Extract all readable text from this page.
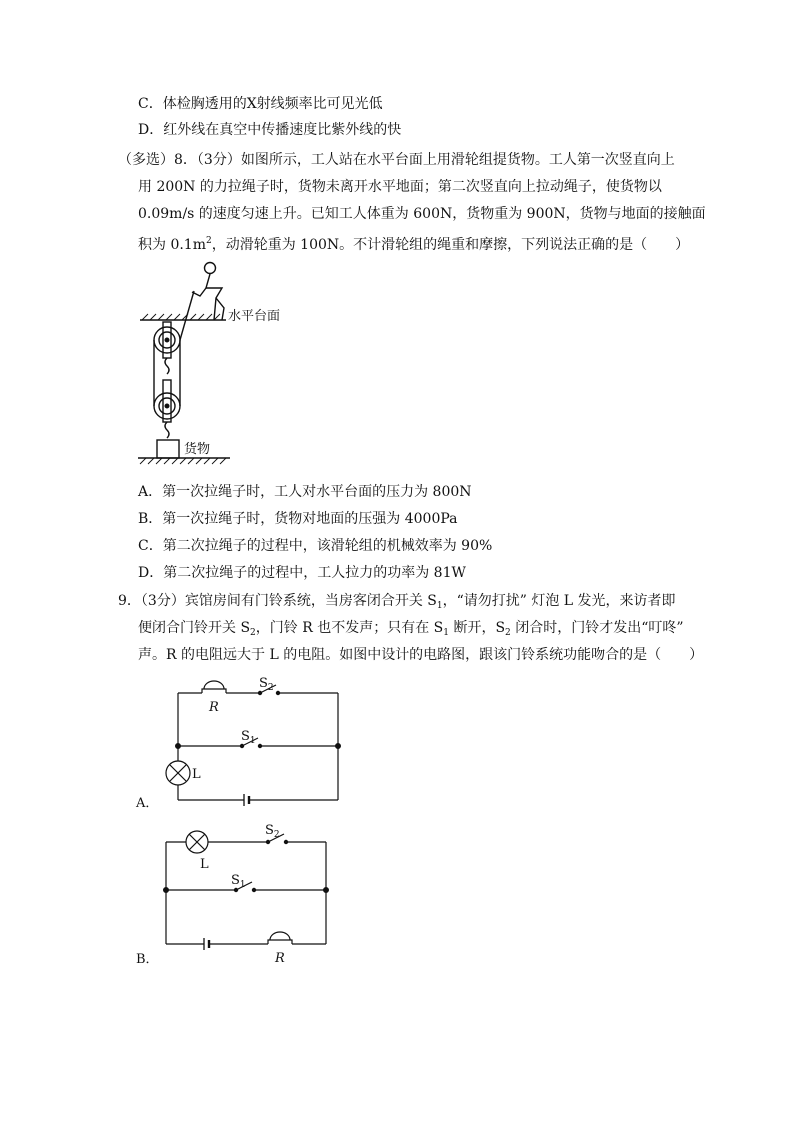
C．体检胸透用的X射线频率比可见光低
D．红外线在真空中传播速度比紫外线的快
（多选）8．（3分）如图所示，工人站在水平台面上用滑轮组提货物。工人第一次竖直向上
用 200N 的力拉绳子时，货物未离开水平地面；第二次竖直向上拉动绳子，使货物以
0.09m/s 的速度匀速上升。已知工人体重为 600N，货物重为 900N，货物与地面的接触面
积为 $0.1m^2$，动滑轮重为 100N。不计滑轮组的绳重和摩擦，下列说法正确的是（　　）
水平台面
货物
A．第一次拉绳子时，工人对水平台面的压力为 800N
B．第一次拉绳子时，货物对地面的压强为 4000Pa
C．第二次拉绳子的过程中，该滑轮组的机械效率为 90%
D．第二次拉绳子的过程中，工人拉力的功率为 81W
9．（3分）宾馆房间有门铃系统，当房客闭合开关 $S_1$，“请勿打扰” 灯泡 L 发光，来访者即
便闭合门铃开关 $S_2$，门铃 R 也不发声；只有在 $S_1$ 断开，$S_2$ 闭合时，门铃才发出“叮咚”
声。R 的电阻远大于 L 的电阻。如图中设计的电路图，跟该门铃系统功能吻合的是（　　）
R
$S_2$
$S_1$
L
A．
L
$S_2$
$S_1$
R
B．
